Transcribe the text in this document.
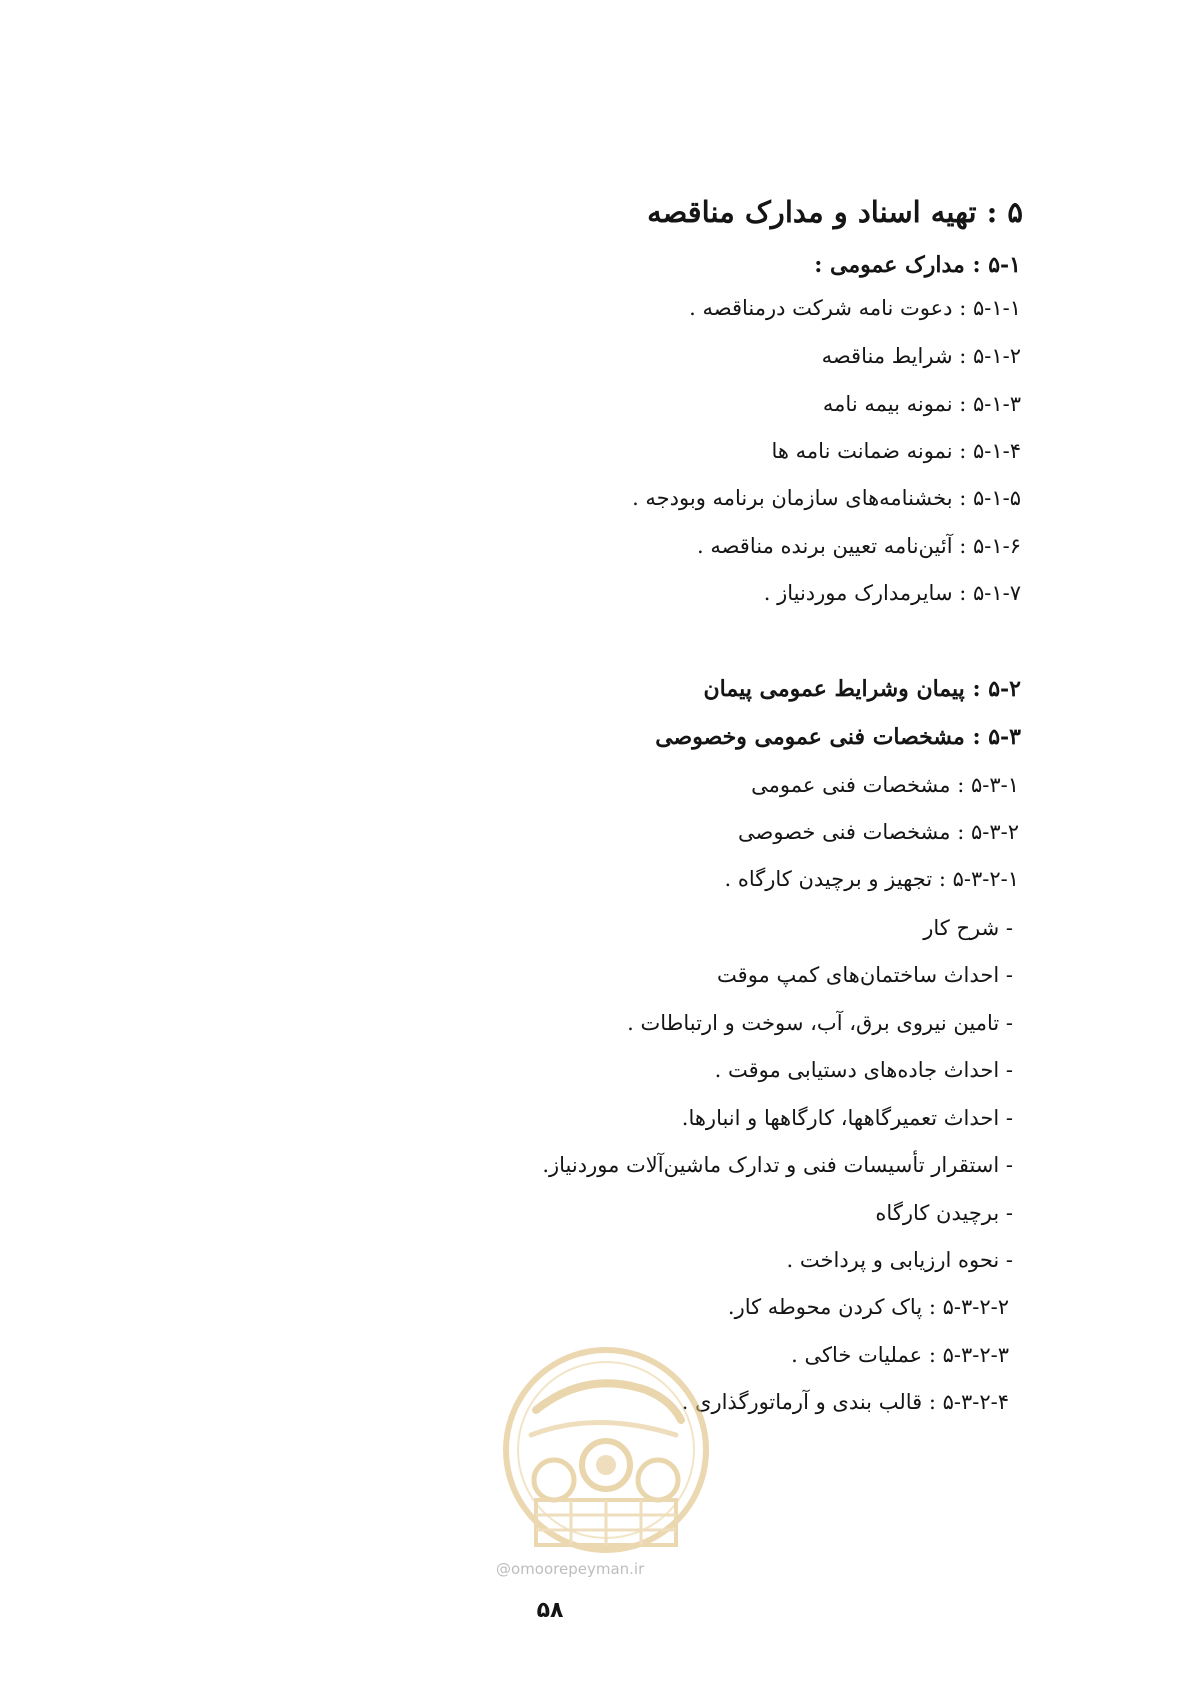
۵ : تهیه اسناد و مدارک مناقصه
۵-۱ : مدارک عمومی :
۵-۱-۱ : دعوت نامه شرکت درمناقصه .
۵-۱-۲ : شرایط مناقصه
۵-۱-۳ : نمونه بیمه نامه
۵-۱-۴ : نمونه ضمانت نامه ها
۵-۱-۵ : بخشنامه‌های سازمان برنامه وبودجه .
۵-۱-۶ : آئین‌نامه تعیین برنده مناقصه .
۵-۱-۷ : سایرمدارک موردنیاز .
۵-۲ : پیمان وشرایط عمومی پیمان
۵-۳ : مشخصات فنی عمومی وخصوصی
۵-۳-۱ : مشخصات فنی عمومی
۵-۳-۲ : مشخصات فنی خصوصی
۵-۳-۲-۱ : تجهیز و برچیدن کارگاه .
- شرح کار
- احداث ساختمان‌های کمپ موقت
- تامین نیروی برق، آب، سوخت و ارتباطات .
- احداث جاده‌های دستیابی موقت .
- احداث تعمیرگاهها، کارگاهها و انبارها.
- استقرار تأسیسات فنی و تدارک ماشین‌آلات موردنیاز.
- برچیدن کارگاه
- نحوه ارزیابی و پرداخت .
۵-۳-۲-۲ : پاک کردن محوطه کار.
۵-۳-۲-۳ : عملیات خاکی .
۵-۳-۲-۴ : قالب بندی و آرماتورگذاری .
@omoorepeyman.ir
۵۸
